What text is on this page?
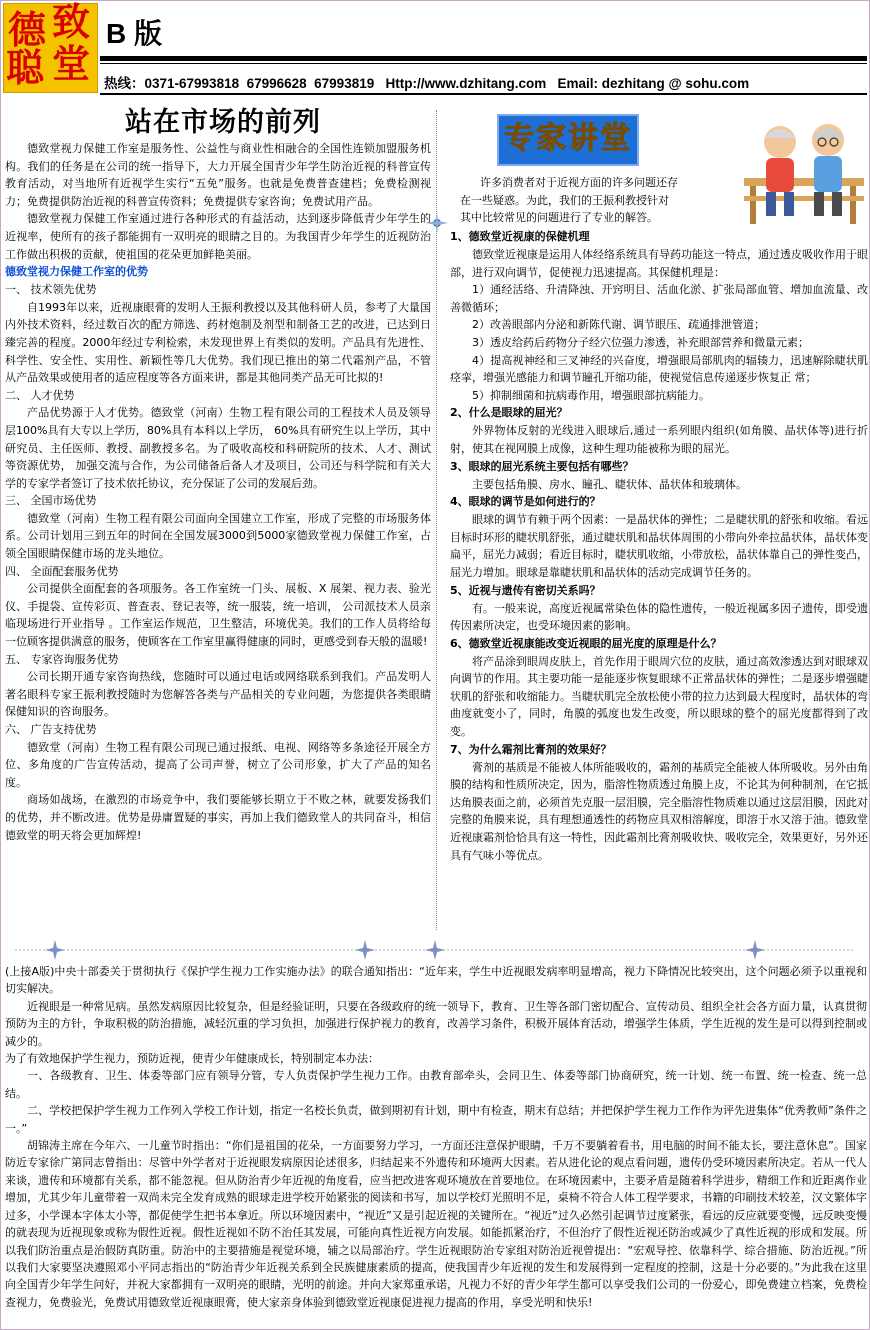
德 致
聪 堂
B 版
热线：0371-67993818  67996628  67993819   Http://www.dzhitang.com   Email: dezhitang @ sohu.com
站在市场的前列

德致堂视力保健工作室是服务性、公益性与商业性相融合的全国性连锁加盟服务机构。我们的任务是在公司的统一指导下，大力开展全国青少年学生防治近视的科普宣传教育活动，对当地所有近视学生实行“五免”服务。也就是免费普查建档；免费检测视力；免费提供防治近视的科普宣传资料；免费提供专家咨询；免费试用产品。

德致堂视力保健工作室通过进行各种形式的有益活动，达到逐步降低青少年学生的近视率，使所有的孩子都能拥有一双明亮的眼睛之目的。为我国青少年学生的近视防治工作做出积极的贡献，使祖国的花朵更加鲜艳美丽。

德致堂视力保健工作室的优势
一、 技术领先优势

自1993年以来，近视康眼膏的发明人王振利教授以及其他科研人员，参考了大量国内外技术资料，经过数百次的配方筛选、药材炮制及剂型和制备工艺的改进，已达到日臻完善的程度。2000年经过专利检索，未发现世界上有类似的发明。产品具有先进性、科学性、安全性、实用性、新颖性等几大优势。我们现已推出的第二代霜剂产品，不管从产品效果或使用者的适应程度等各方面来讲，都是其他同类产品无可比拟的!

二、 人才优势

产品优势源于人才优势。德致堂（河南）生物工程有限公司的工程技术人员及领导层100%具有大专以上学历，80%具有本科以上学历， 60%具有研究生以上学历，其中研究员、主任医师、教授、副教授多名。为了吸收高校和科研院所的技术、人才、测试等资源优势， 加强交流与合作，为公司储备后备人才及项目，公司还与科学院和有关大学的专家学者签订了技术依托协议，充分保证了公司的发展后劲。

三、 全国市场优势

德致堂（河南）生物工程有限公司面向全国建立工作室，形成了完整的市场服务体系。公司计划用三到五年的时间在全国发展3000到5000家德致堂视力保健工作室，占领全国眼睛保健市场的龙头地位。

四、 全面配套服务优势

公司提供全面配套的各项服务。各工作室统一门头、展板、X 展架、视力表、验光仪、手提袋、宣传彩页、普查表、登记表等，统一服装，统一培训， 公司派技术人员亲临现场进行开业指导 。工作室运作规范，卫生整洁，环境优美。我们的工作人员将给每一位顾客提供满意的服务，使顾客在工作室里赢得健康的同时，更感受到春天般的温暖!

五、 专家咨询服务优势

公司长期开通专家咨询热线，您随时可以通过电话或网络联系到我们。产品发明人著名眼科专家王振利教授随时为您解答各类与产品相关的专业问题，为您提供各类眼睛保健知识的咨询服务。

六、 广告支持优势

德致堂（河南）生物工程有限公司现已通过报纸、电视、网络等多条途径开展全方位、多角度的广告宣传活动，提高了公司声誉，树立了公司形象，扩大了产品的知名度。

商场如战场，在激烈的市场竞争中，我们要能够长期立于不败之林，就要发扬我们的优势，并不断改进。优势是毋庸置疑的事实，再加上我们德致堂人的共同奋斗，相信德致堂的明天将会更加辉煌!

专家讲堂
许多消费者对于近视方面的许多问题还存
在一些疑惑。为此，我们的王振利教授针对
其中比较常见的问题进行了专业的解答。
1、德致堂近视康的保健机理

德致堂近视康是运用人体经络系统具有导药功能这一特点，通过透皮吸收作用于眼部，进行双向调节，促使视力迅速提高。其保健机理是：

1）通经活络、升清降浊、开窍明目、活血化淤、扩张局部血管、增加血流量、改善微循环；

2）改善眼部内分泌和新陈代谢、调节眼压、疏通排泄管道；

3）透皮给药后药物分子经穴位强力渗透，补充眼部营养和微量元素；

4）提高视神经和三叉神经的兴奋度，增强眼局部肌肉的辐辏力，迅速解除睫状肌痉挛，增强光感能力和调节瞳孔开缩功能，使视觉信息传递逐步恢复正 常；

5）抑制细菌和抗病毒作用，增强眼部抗病能力。

2、什么是眼球的屈光？

外界物体反射的光线进入眼球后,通过一系列眼内组织(如角膜、晶状体等)进行折射，使其在视网膜上成像，这种生理功能被称为眼的屈光。

3、眼球的屈光系统主要包括有哪些？

主要包括角膜、房水、瞳孔、睫状体、晶状体和玻璃体。

4、眼球的调节是如何进行的？

眼球的调节有赖于两个因素：一是晶状体的弹性；二是睫状肌的舒张和收缩。看远目标时环形的睫状肌舒张，通过睫状肌和晶状体周围的小带向外牵拉晶状体，晶状体变扁平，屈光力减弱；看近目标时，睫状肌收缩，小带放松，晶状体靠自己的弹性变凸，屈光力增加。眼球是靠睫状肌和晶状体的活动完成调节任务的。

5、近视与遗传有密切关系吗？

有。一般来说，高度近视属常染色体的隐性遗传，一般近视属多因子遗传，即受遗传因素所决定，也受环境因素的影响。

6、德致堂近视康能改变近视眼的屈光度的原理是什么？

将产品涂到眼周皮肤上，首先作用于眼周穴位的皮肤，通过高效渗透达到对眼球双向调节的作用。其主要功能一是能逐步恢复眼球不正常晶状体的弹性；二是逐步增强睫状肌的舒张和收缩能力。当睫状肌完全放松使小带的拉力达到最大程度时，晶状体的弯曲度就变小了，同时，角膜的弧度也发生改变，所以眼球的整个的屈光度都得到了改变。

7、为什么霜剂比膏剂的效果好？

膏剂的基质是不能被人体所能吸收的，霜剂的基质完全能被人体所吸收。另外由角膜的结构和性质所决定，因为，脂溶性物质透过角膜上皮，不论其为何种制剂，在它抵达角膜表面之前，必须首先克服一层泪膜，完全脂溶性物质难以通过这层泪膜，因此对完整的角膜来说，具有理想通透性的药物应具双相溶解度，即溶于水又溶于油。德致堂近视康霜剂恰恰具有这一特性，因此霜剂比膏剂吸收快、吸收完全，效果更好，另外还具有气味小等优点。

(上接A版)中央十部委关于贯彻执行《保护学生视力工作实施办法》的联合通知指出：“近年来，学生中近视眼发病率明显增高，视力下降情况比较突出，这个问题必须予以重视和切实解决。

近视眼是一种常见病。虽然发病原因比较复杂，但是经验证明，只要在各级政府的统一领导下，教育、卫生等各部门密切配合、宣传动员、组织全社会各方面力量，认真贯彻预防为主的方针，争取积极的防治措施，减轻沉重的学习负担，加强进行保护视力的教育，改善学习条件，积极开展体育活动，增强学生体质，学生近视的发生是可以得到控制或减少的。

为了有效地保护学生视力，预防近视，使青少年健康成长，特别制定本办法：

一、各级教育、卫生、体委等部门应有领导分管，专人负责保护学生视力工作。由教育部牵头，会同卫生、体委等部门协商研究，统一计划、统一布置、统一检查、统一总结。

二、学校把保护学生视力工作列入学校工作计划，指定一名校长负责，做到期初有计划，期中有检查，期末有总结；并把保护学生视力工作作为评先进集体“优秀教师”条件之一。”

胡锦涛主席在今年六、一儿童节时指出：“你们是祖国的花朵，一方面要努力学习，一方面还注意保护眼睛，千万不要躺着看书，用电脑的时间不能太长，要注意休息”。国家防近专家徐广第同志曾指出：尽管中外学者对于近视眼发病原因论述很多，归结起来不外遗传和环境两大因素。若从进化论的观点看问题，遗传仍受环境因素所决定。若从一代人来谈，遗传和环境都有关系，都不能忽视。但从防治青少年近视的角度看，应当把改进客观环境放在首要地位。在环境因素中，主要矛盾是随着科学进步，精细工作和近距离作业增加，尤其少年儿童带着一双尚未完全发育成熟的眼球走进学校开始紧张的阅读和书写，加以学校灯光照明不足，桌椅不符合人体工程学要求，书籍的印刷技术较差，汉文繁体字过多，小学课本字体太小等，都促使学生把书本拿近。所以环境因素中，“视近”又是引起近视的关键所在。“视近”过久必然引起调节过度紧张，看远的反应就要变慢，远反映变慢的就表现为近视现象或称为假性近视。假性近视如不防不治任其发展，可能向真性近视方向发展。如能抓紧治疗，不但治疗了假性近视还防治或减少了真性近视的形成和发展。所以我们防治重点是治假防真防重。防治中的主要措施是视觉环境，辅之以局部治疗。学生近视眼防治专家组对防治近视曾提出：“宏观导控、依靠科学、综合措施、防治近视。”所以我们大家要坚决遵照邓小平同志指出的“防治青少年近视关系到全民族健康素质的提高，使我国青少年近视的发生和发展得到一定程度的控制，这是十分必要的。”为此我在这里向全国青少年学生问好，并祝大家都拥有一双明亮的眼睛，光明的前途。并向大家郑重承诺，凡视力不好的青少年学生都可以享受我们公司的一份爱心，即免费建立档案，免费检查视力，免费验光，免费试用德致堂近视康眼膏，使大家亲身体验到德致堂近视康促进视力提高的作用，享受光明和快乐!
